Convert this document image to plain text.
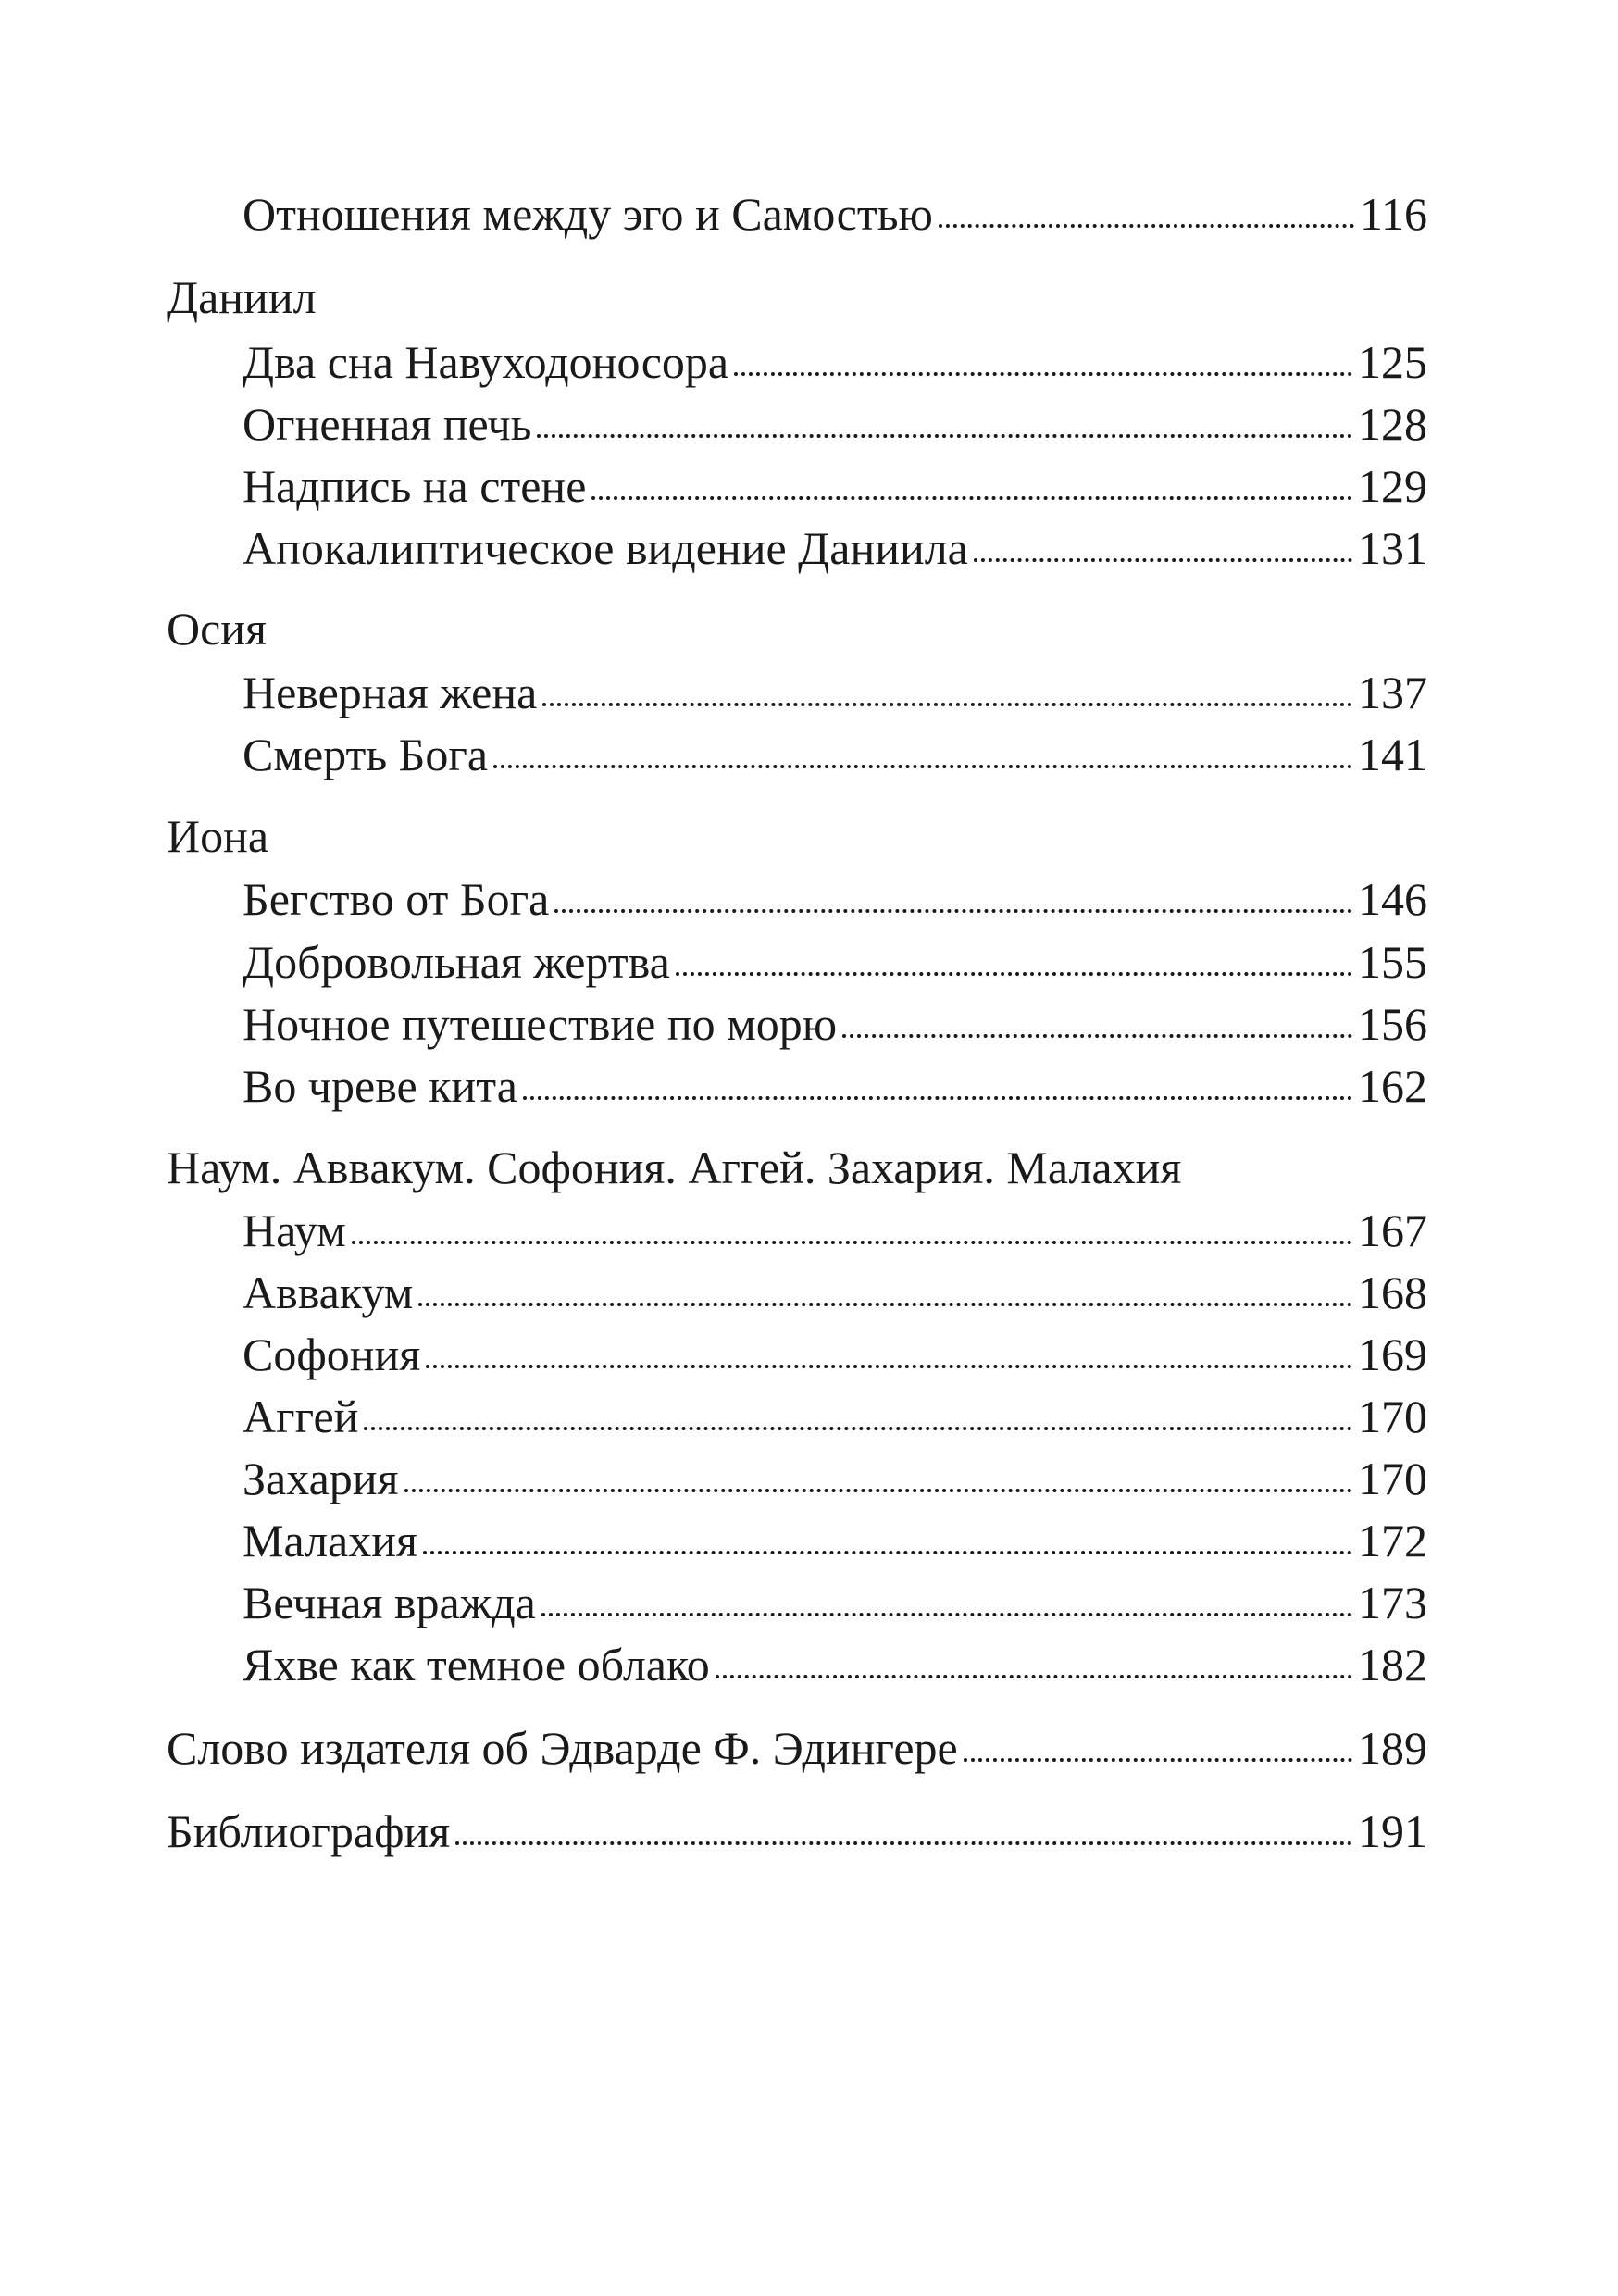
Отношения между эго и Самостью	116
Даниил
Два сна Навуходоносора	125
Огненная печь	128
Надпись на стене	129
Апокалиптическое видение Даниила	131
Осия
Неверная жена	137
Смерть Бога	141
Иона
Бегство от Бога	146
Добровольная жертва	155
Ночное путешествие по морю	156
Во чреве кита	162
Наум. Аввакум. Софония. Аггей. Захария. Малахия
Наум	167
Аввакум	168
Софония	169
Аггей	170
Захария	170
Малахия	172
Вечная вражда	173
Яхве как темное облако	182
Слово издателя об Эдварде Ф. Эдингере	189
Библиография	191
